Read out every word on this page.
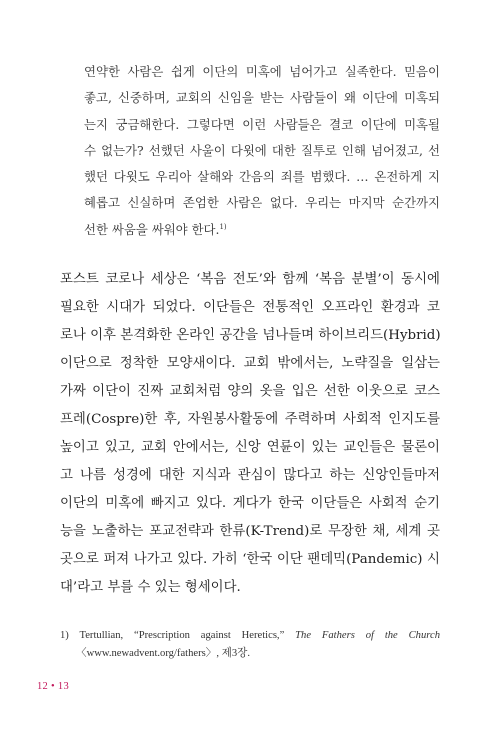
연약한 사람은 쉽게 이단의 미혹에 넘어가고 실족한다. 믿음이
좋고, 신중하며, 교회의 신임을 받는 사람들이 왜 이단에 미혹되
는지 궁금해한다. 그렇다면 이런 사람들은 결코 이단에 미혹될
수 없는가? 선했던 사울이 다윗에 대한 질투로 인해 넘어졌고, 선
했던 다윗도 우리아 살해와 간음의 죄를 범했다. … 온전하게 지
혜롭고 신실하며 존엄한 사람은 없다. 우리는 마지막 순간까지
선한 싸움을 싸워야 한다.$^{1)}$
포스트 코로나 세상은 ‘복음 전도’와 함께 ‘복음 분별’이 동시에
필요한 시대가 되었다. 이단들은 전통적인 오프라인 환경과 코
로나 이후 본격화한 온라인 공간을 넘나들며 하이브리드(Hybrid)
이단으로 정착한 모양새이다. 교회 밖에서는, 노략질을 일삼는
가짜 이단이 진짜 교회처럼 양의 옷을 입은 선한 이웃으로 코스
프레(Cospre)한 후, 자원봉사활동에 주력하며 사회적 인지도를
높이고 있고, 교회 안에서는, 신앙 연륜이 있는 교인들은 물론이
고 나름 성경에 대한 지식과 관심이 많다고 하는 신앙인들마저
이단의 미혹에 빠지고 있다. 게다가 한국 이단들은 사회적 순기
능을 노출하는 포교전략과 한류(K-Trend)로 무장한 채, 세계 곳
곳으로 퍼져 나가고 있다. 가히 ‘한국 이단 팬데믹(Pandemic) 시
대’라고 부를 수 있는 형세이다.
1) Tertullian, “Prescription against Heretics,” The Fathers of the Church
〈www.newadvent.org/fathers〉, 제3장.
12 • 13
